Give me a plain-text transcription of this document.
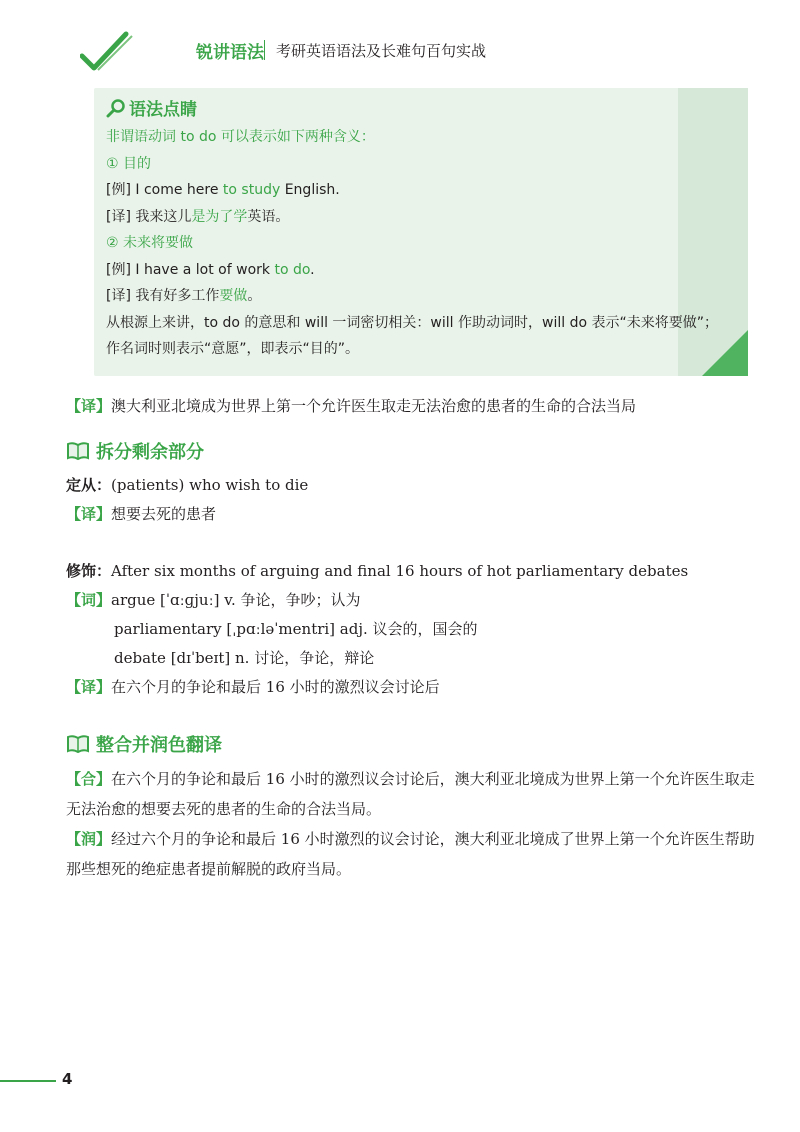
锐讲语法 考研英语语法及长难句百句实战
语法点睛
非谓语动词 to do 可以表示如下两种含义：
① 目的
[例] I come here to study English.
[译] 我来这儿是为了学英语。
② 未来将要做
[例] I have a lot of work to do.
[译] 我有好多工作要做。
从根源上来讲，to do 的意思和 will 一词密切相关：will 作助动词时，will do 表示“未来将要做”；作名词时则表示“意愿”，即表示“目的”。
【译】澳大利亚北境成为世界上第一个允许医生取走无法治愈的患者的生命的合法当局
拆分剩余部分
定从：(patients) who wish to die
【译】想要去死的患者
修饰：After six months of arguing and final 16 hours of hot parliamentary debates
【词】argue [ˈɑːɡjuː] v. 争论，争吵；认为
parliamentary [ˌpɑːləˈmentri] adj. 议会的，国会的
debate [dɪˈbeɪt] n. 讨论，争论，辩论
【译】在六个月的争论和最后 16 小时的激烈议会讨论后
整合并润色翻译
【合】在六个月的争论和最后 16 小时的激烈议会讨论后，澳大利亚北境成为世界上第一个允许医生取走无法治愈的想要去死的患者的生命的合法当局。
【润】经过六个月的争论和最后 16 小时激烈的议会讨论，澳大利亚北境成了世界上第一个允许医生帮助那些想死的绝症患者提前解脱的政府当局。
4
